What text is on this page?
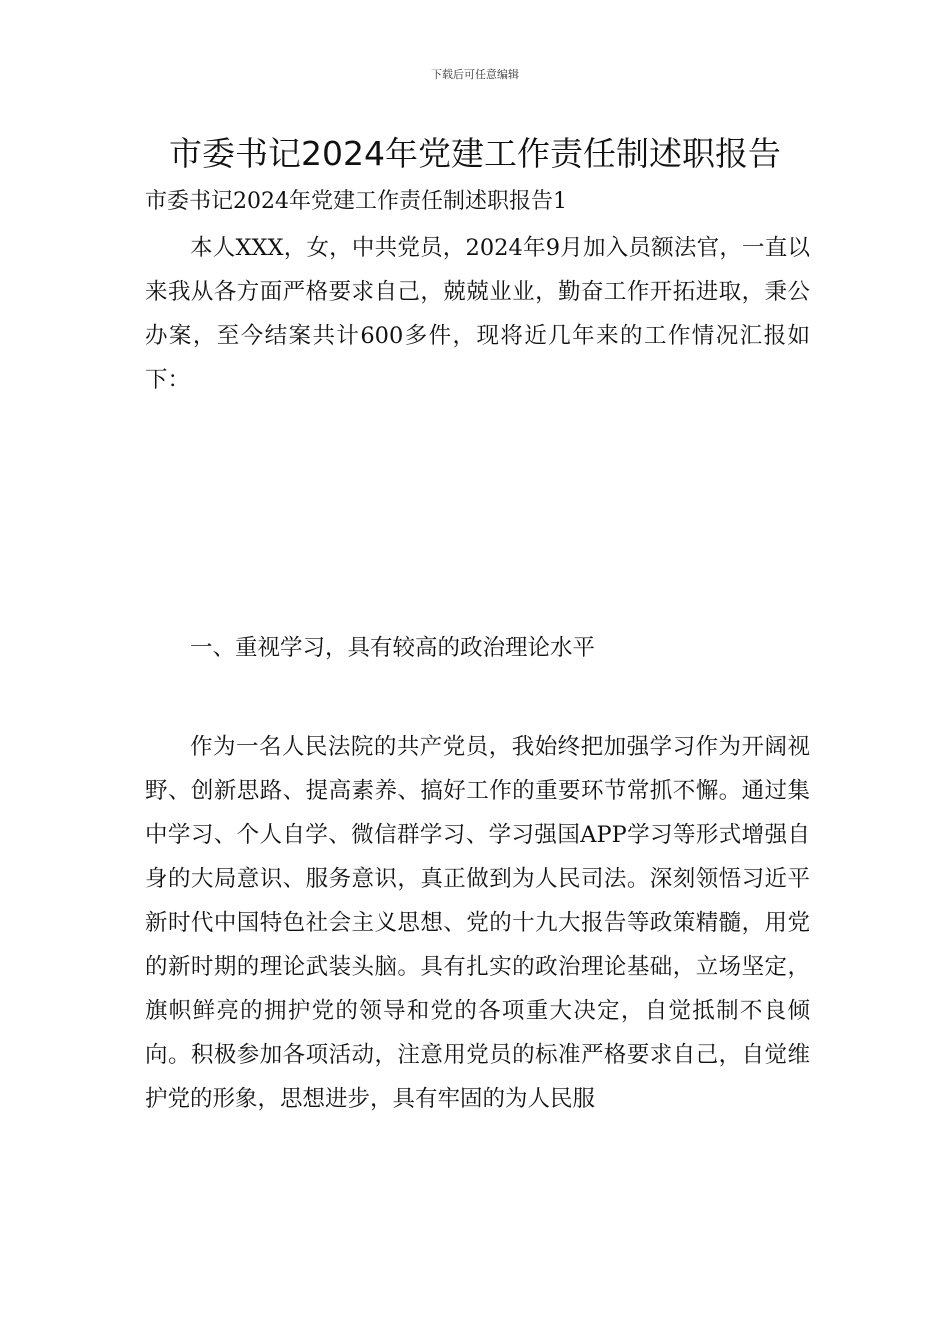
下载后可任意编辑
市委书记2024年党建工作责任制述职报告
市委书记2024年党建工作责任制述职报告1

本人XXX，女，中共党员，2024年9月加入员额法官，一直以来我从各方面严格要求自己，兢兢业业，勤奋工作开拓进取，秉公办案，至今结案共计600多件，现将近几年来的工作情况汇报如下：

一、重视学习，具有较高的政治理论水平

作为一名人民法院的共产党员，我始终把加强学习作为开阔视野、创新思路、提高素养、搞好工作的重要环节常抓不懈。通过集中学习、个人自学、微信群学习、学习强国APP学习等形式增强自身的大局意识、服务意识，真正做到为人民司法。深刻领悟习近平新时代中国特色社会主义思想、党的十九大报告等政策精髓，用党的新时期的理论武装头脑。具有扎实的政治理论基础，立场坚定，旗帜鲜亮的拥护党的领导和党的各项重大决定，自觉抵制不良倾向。积极参加各项活动，注意用党员的标准严格要求自己，自觉维护党的形象，思想进步，具有牢固的为人民服
